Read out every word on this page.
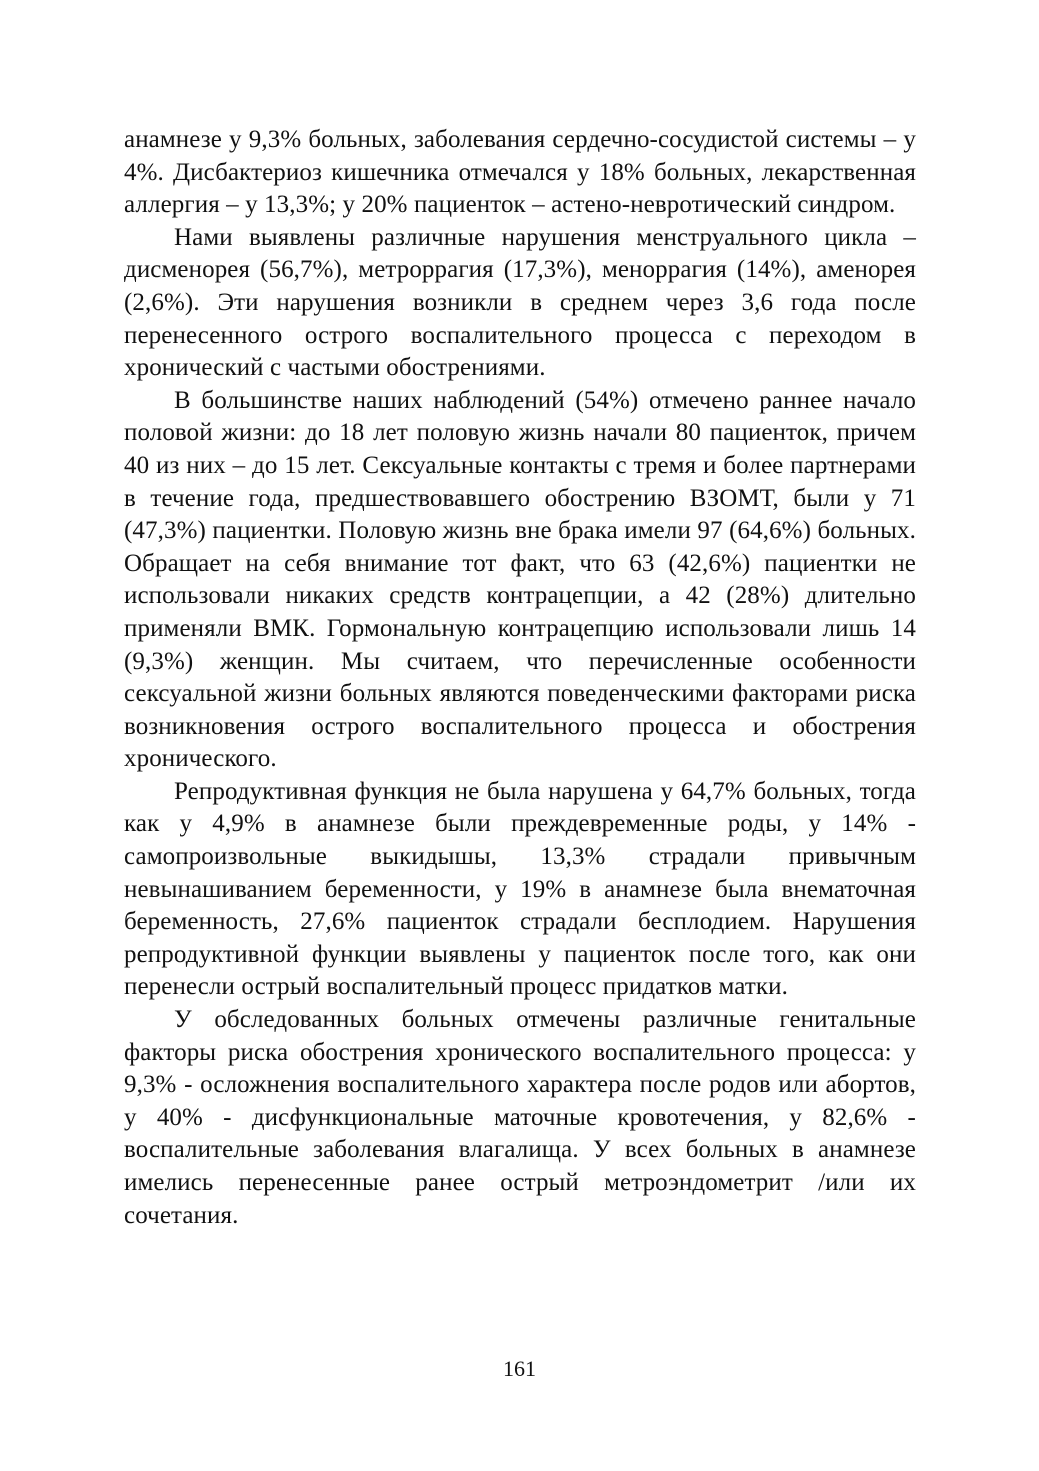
анамнезе у 9,3% больных, заболевания сердечно-сосудистой системы – у 4%. Дисбактериоз кишечника отмечался у 18% больных, лекарственная аллергия – у 13,3%; у 20% пациенток – астено-невротический синдром.

Нами выявлены различные нарушения менструального цикла – дисменорея (56,7%), метроррагия (17,3%), меноррагия (14%), аменорея (2,6%). Эти нарушения возникли в среднем через 3,6 года после перенесенного острого воспалительного процесса с переходом в хронический с частыми обострениями.

В большинстве наших наблюдений (54%) отмечено раннее начало половой жизни: до 18 лет половую жизнь начали 80 пациенток, причем 40 из них – до 15 лет. Сексуальные контакты с тремя и более партнерами в течение года, предшествовавшего обострению ВЗОМТ, были у 71 (47,3%) пациентки. Половую жизнь вне брака имели 97 (64,6%) больных. Обращает на себя внимание тот факт, что 63 (42,6%) пациентки не использовали никаких средств контрацепции, а 42 (28%) длительно применяли ВМК. Гормональную контрацепцию использовали лишь 14 (9,3%) женщин. Мы считаем, что перечисленные особенности сексуальной жизни больных являются поведенческими факторами риска возникновения острого воспалительного процесса и обострения хронического.

Репродуктивная функция не была нарушена у 64,7% больных, тогда как у 4,9% в анамнезе были преждевременные роды, у 14% - самопроизвольные выкидышы, 13,3% страдали привычным невынашиванием беременности, у 19% в анамнезе была внематочная беременность, 27,6% пациенток страдали бесплодием. Нарушения репродуктивной функции выявлены у пациенток после того, как они перенесли острый воспалительный процесс придатков матки.

У обследованных больных отмечены различные генитальные факторы риска обострения хронического воспалительного процесса: у 9,3% - осложнения воспалительного характера после родов или абортов, у 40% - дисфункциональные маточные кровотечения, у 82,6% - воспалительные заболевания влагалища. У всех больных в анамнезе имелись перенесенные ранее острый метроэндометрит /или их сочетания.

161
